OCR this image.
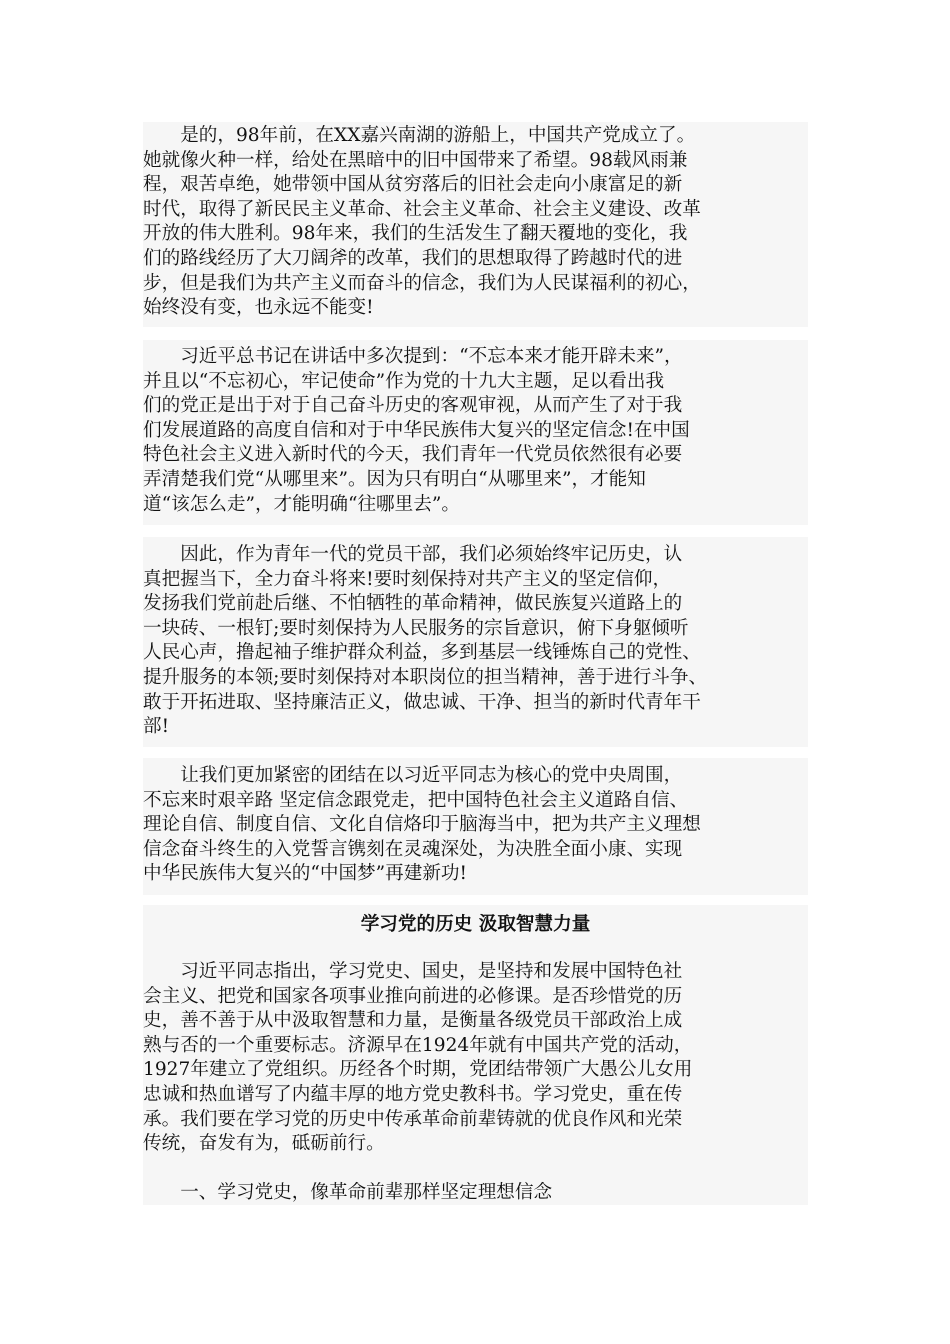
　　是的，98年前，在XX嘉兴南湖的游船上，中国共产党成立了。
她就像火种一样，给处在黑暗中的旧中国带来了希望。98载风雨兼
程，艰苦卓绝，她带领中国从贫穷落后的旧社会走向小康富足的新
时代，取得了新民民主义革命、社会主义革命、社会主义建设、改革
开放的伟大胜利。98年来，我们的生活发生了翻天覆地的变化，我
们的路线经历了大刀阔斧的改革，我们的思想取得了跨越时代的进
步，但是我们为共产主义而奋斗的信念，我们为人民谋福利的初心，
始终没有变，也永远不能变!
　　习近平总书记在讲话中多次提到：“不忘本来才能开辟未来”，
并且以“不忘初心，牢记使命”作为党的十九大主题，足以看出我
们的党正是出于对于自己奋斗历史的客观审视，从而产生了对于我
们发展道路的高度自信和对于中华民族伟大复兴的坚定信念!在中国
特色社会主义进入新时代的今天，我们青年一代党员依然很有必要
弄清楚我们党“从哪里来”。因为只有明白“从哪里来”，才能知
道“该怎么走”，才能明确“往哪里去”。
　　因此，作为青年一代的党员干部，我们必须始终牢记历史，认
真把握当下，全力奋斗将来!要时刻保持对共产主义的坚定信仰，
发扬我们党前赴后继、不怕牺牲的革命精神，做民族复兴道路上的
一块砖、一根钉;要时刻保持为人民服务的宗旨意识，俯下身躯倾听
人民心声，撸起袖子维护群众利益，多到基层一线锤炼自己的党性、
提升服务的本领;要时刻保持对本职岗位的担当精神，善于进行斗争、
敢于开拓进取、坚持廉洁正义，做忠诚、干净、担当的新时代青年干
部!
　　让我们更加紧密的团结在以习近平同志为核心的党中央周围，
不忘来时艰辛路 坚定信念跟党走，把中国特色社会主义道路自信、
理论自信、制度自信、文化自信烙印于脑海当中，把为共产主义理想
信念奋斗终生的入党誓言镌刻在灵魂深处，为决胜全面小康、实现
中华民族伟大复兴的“中国梦”再建新功!
学习党的历史 汲取智慧力量
　　习近平同志指出，学习党史、国史，是坚持和发展中国特色社
会主义、把党和国家各项事业推向前进的必修课。是否珍惜党的历
史，善不善于从中汲取智慧和力量，是衡量各级党员干部政治上成
熟与否的一个重要标志。济源早在1924年就有中国共产党的活动，
1927年建立了党组织。历经各个时期，党团结带领广大愚公儿女用
忠诚和热血谱写了内蕴丰厚的地方党史教科书。学习党史，重在传
承。我们要在学习党的历史中传承革命前辈铸就的优良作风和光荣
传统，奋发有为，砥砺前行。
　　一、学习党史，像革命前辈那样坚定理想信念
